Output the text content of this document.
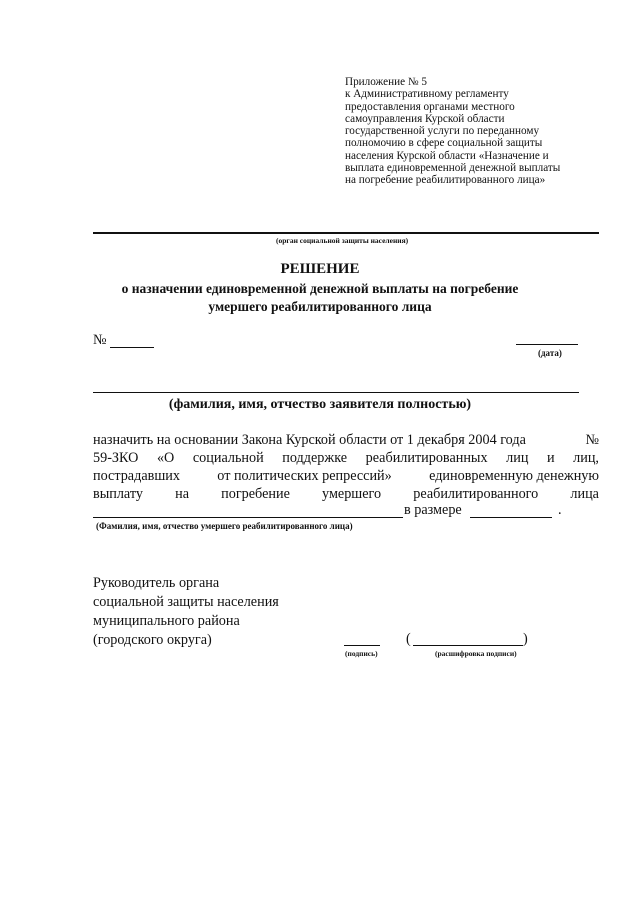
Приложение № 5
к Административному регламенту
предоставления органами местного
самоуправления Курской области
государственной услуги по переданному
полномочию в сфере социальной защиты
населения Курской области «Назначение и
выплата единовременной денежной выплаты
на погребение реабилитированного лица»
(орган социальной защиты населения)
РЕШЕНИЕ
о назначении единовременной денежной выплаты на погребение
умершего реабилитированного лица
№
(дата)
(фамилия, имя, отчество заявителя полностью)
назначить на основании Закона Курской области от 1 декабря 2004 года	№
59-ЗКО «О социальной поддержке реабилитированных лиц и лиц,
пострадавших	от политических репрессий»	единовременную денежную
выплату на погребение умершего реабилитированного лица
в размере	.
(Фамилия, имя, отчество умершего реабилитированного лица)
Руководитель органа
социальной защиты населения
муниципального района
(городского округа)
(подпись)
(	)
(расшифровка подписи)
